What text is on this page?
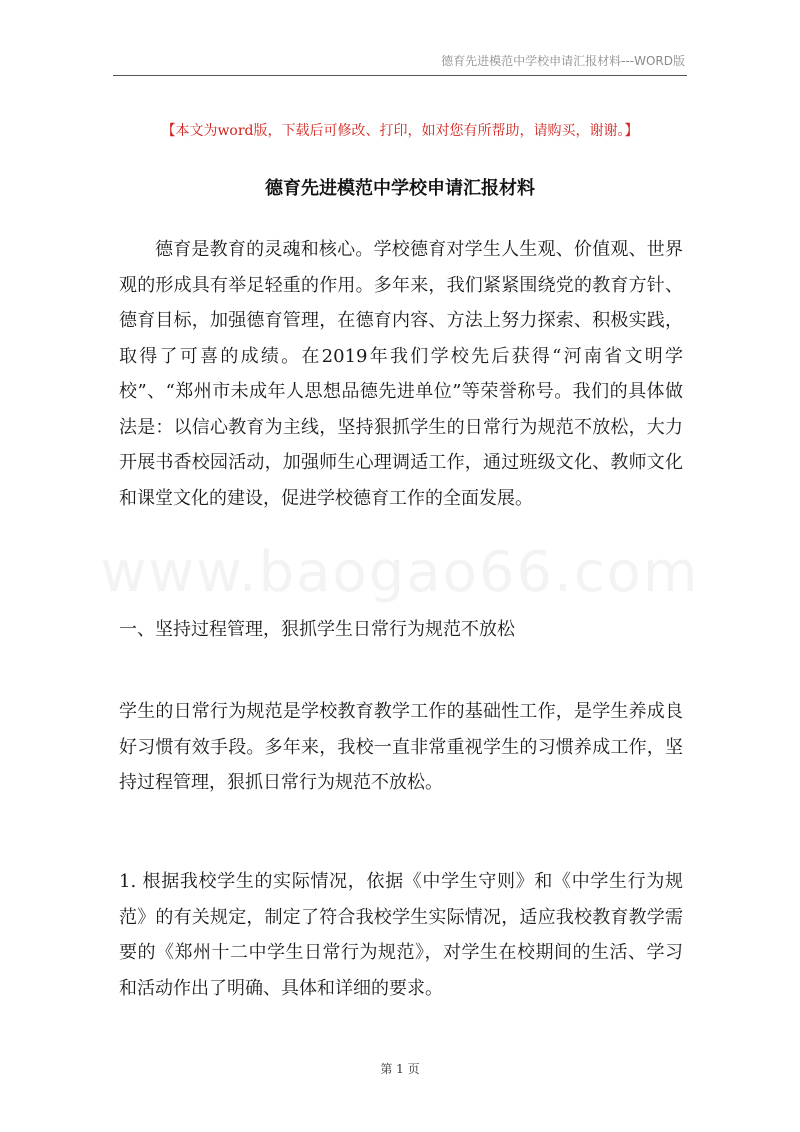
德育先进模范中学校申请汇报材料---WORD版
【本文为word版，下载后可修改、打印，如对您有所帮助，请购买，谢谢。】
德育先进模范中学校申请汇报材料

德育是教育的灵魂和核心。学校德育对学生人生观、价值观、世界观的形成具有举足轻重的作用。多年来，我们紧紧围绕党的教育方针、德育目标，加强德育管理，在德育内容、方法上努力探索、积极实践，取得了可喜的成绩。在2019年我们学校先后获得“河南省文明学校”、“郑州市未成年人思想品德先进单位”等荣誉称号。我们的具体做法是：以信心教育为主线，坚持狠抓学生的日常行为规范不放松，大力开展书香校园活动，加强师生心理调适工作，通过班级文化、教师文化和课堂文化的建设，促进学校德育工作的全面发展。

一、坚持过程管理，狠抓学生日常行为规范不放松

学生的日常行为规范是学校教育教学工作的基础性工作，是学生养成良好习惯有效手段。多年来，我校一直非常重视学生的习惯养成工作，坚持过程管理，狠抓日常行为规范不放松。

1. 根据我校学生的实际情况，依据《中学生守则》和《中学生行为规范》的有关规定，制定了符合我校学生实际情况，适应我校教育教学需要的《郑州十二中学生日常行为规范》，对学生在校期间的生活、学习和活动作出了明确、具体和详细的要求。

第 1 页
